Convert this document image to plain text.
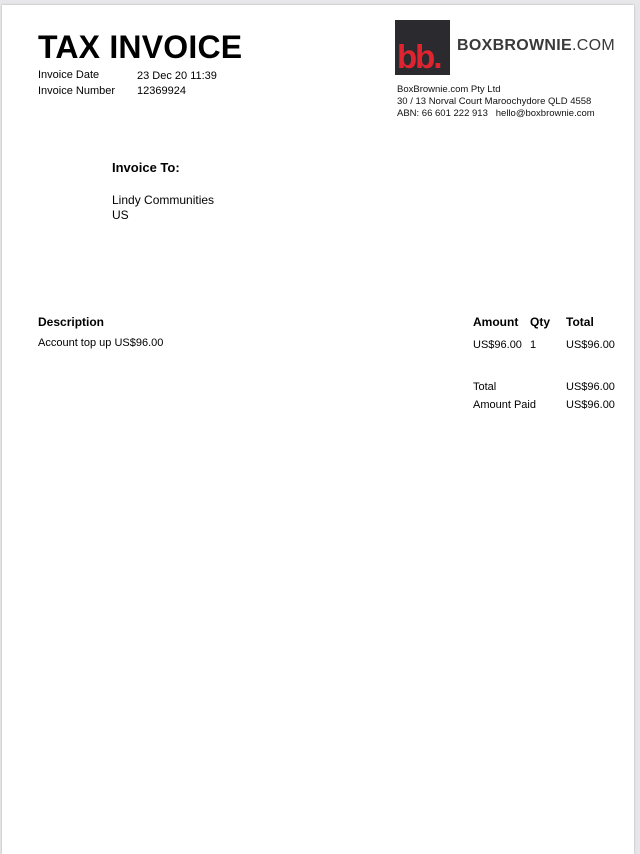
TAX INVOICE
Invoice Date	23 Dec 20 11:39
Invoice Number 12369924
bb. BOXBROWNIE.COM
BoxBrownie.com Pty Ltd
30 / 13 Norval Court Maroochydore QLD 4558
ABN: 66 601 222 913   hello@boxbrownie.com
Invoice To:
Lindy Communities
US
Description	Amount Qty Total
Account top up US$96.00	US$96.00 1	US$96.00
Total	US$96.00
Amount Paid	US$96.00
